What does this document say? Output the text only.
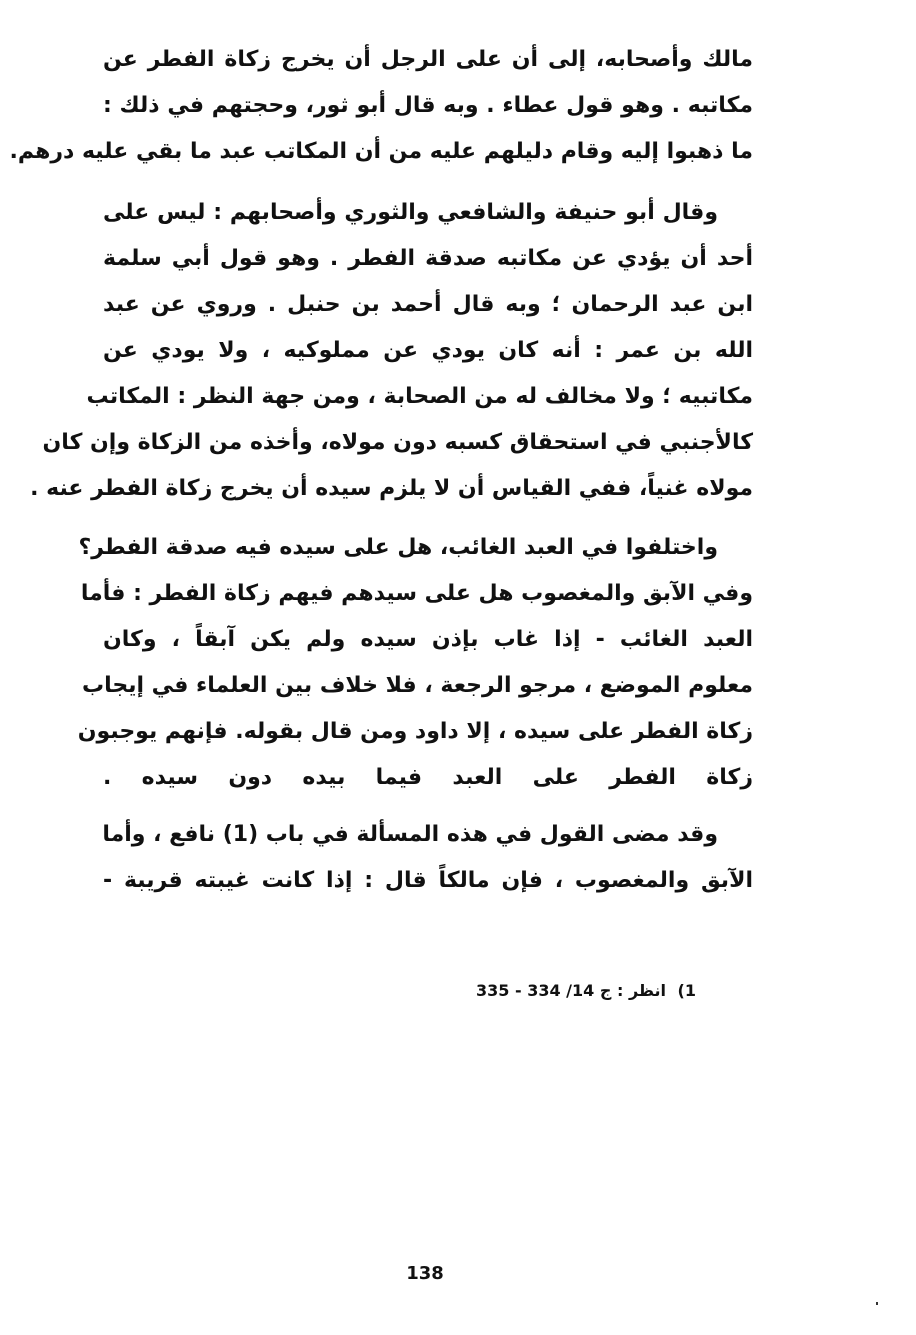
مالك وأصحابه، إلى أن على الرجل أن يخرج زكاة الفطر عن
مكاتبه . وهو قول عطاء . وبه قال أبو ثور، وحجتهم في ذلك :
ما ذهبوا إليه وقام دليلهم عليه من أن المكاتب عبد ما بقي عليه درهم.
وقال أبو حنيفة والشافعي والثوري وأصحابهم : ليس على
أحد أن يؤدي عن مكاتبه صدقة الفطر . وهو قول أبي سلمة
ابن عبد الرحمان ؛ وبه قال أحمد بن حنبل . وروي عن عبد
الله بن عمر : أنه كان يودي عن مملوكيه ، ولا يودي عن
مكاتبيه ؛ ولا مخالف له من الصحابة ، ومن جهة النظر : المكاتب
كالأجنبي في استحقاق كسبه دون مولاه، وأخذه من الزكاة وإن كان
مولاه غنياً، ففي القياس أن لا يلزم سيده أن يخرج زكاة الفطر عنه .
واختلفوا في العبد الغائب، هل على سيده فيه صدقة الفطر؟
وفي الآبق والمغصوب هل على سيدهم فيهم زكاة الفطر : فأما
العبد الغائب - إذا غاب بإذن سيده ولم يكن آبقاً ، وكان
معلوم الموضع ، مرجو الرجعة ، فلا خلاف بين العلماء في إيجاب
زكاة الفطر على سيده ، إلا داود ومن قال بقوله. فإنهم يوجبون
زكاة الفطر على العبد فيما بيده دون سيده .
وقد مضى القول في هذه المسألة في باب (1) نافع ، وأما
الآبق والمغصوب ، فإن مالكاً قال : إذا كانت غيبته قريبة -
1) انظر : ج 14/ 334 - 335
138
